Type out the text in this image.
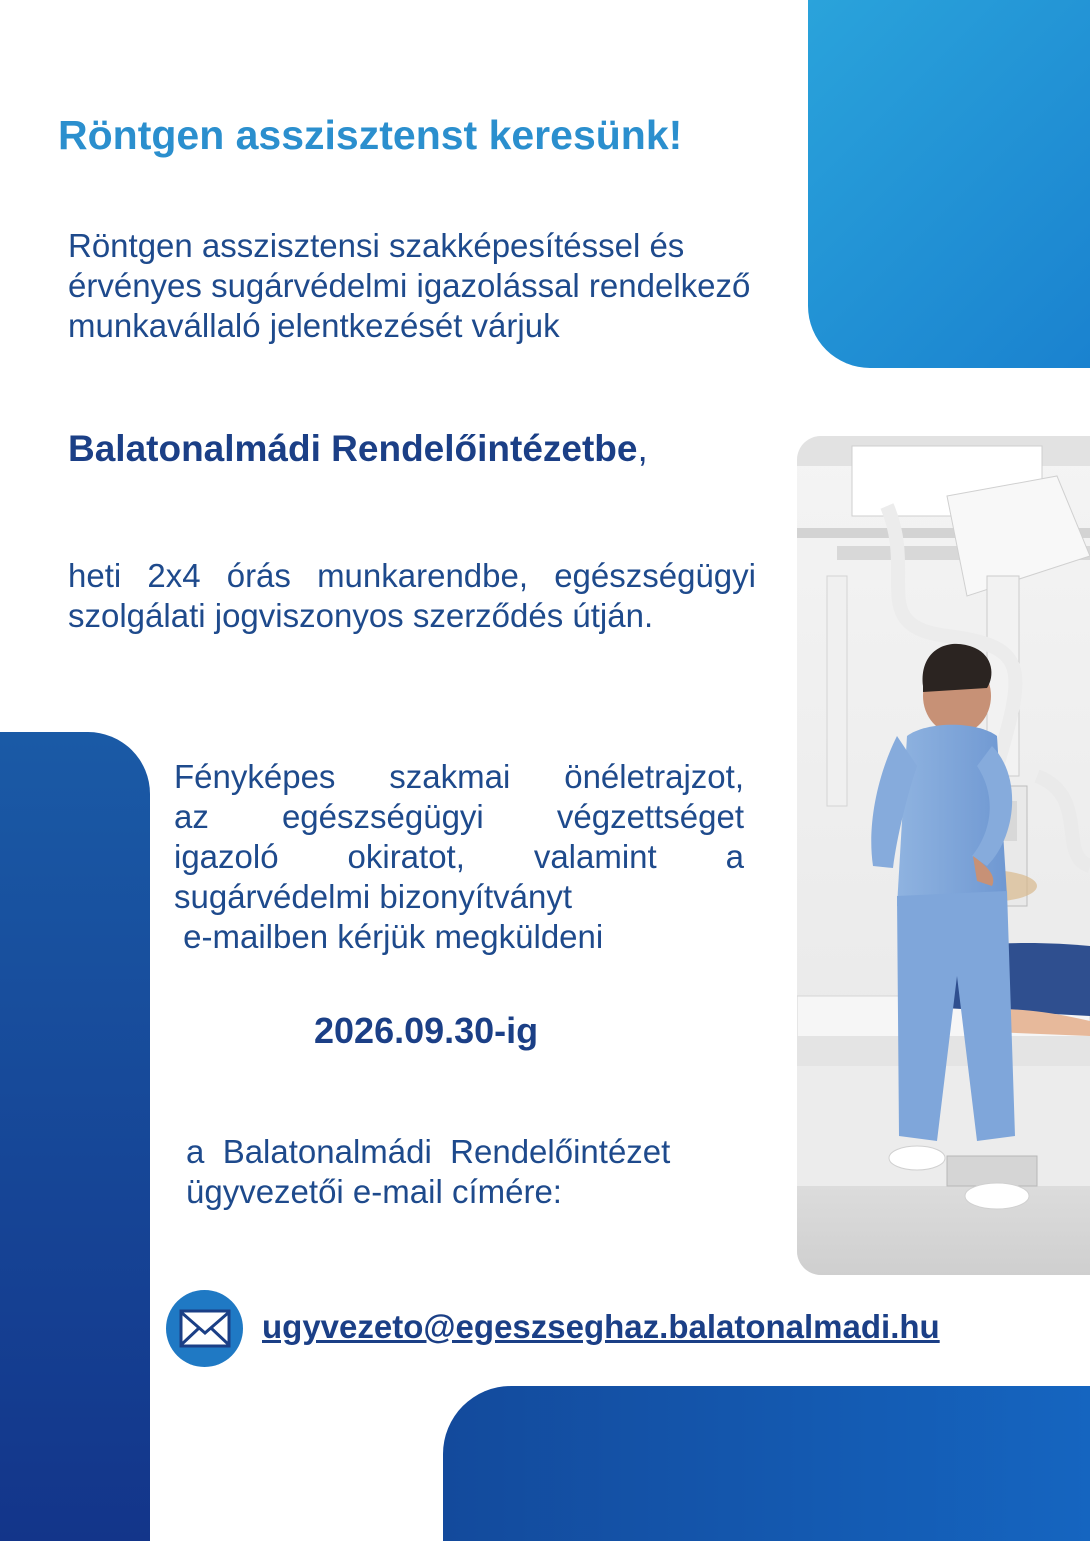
Röntgen asszisztenst keresünk!

Röntgen asszisztensi szakképesítéssel és érvényes sugárvédelmi igazolással rendelkező munkavállaló jelentkezését várjuk

Balatonalmádi Rendelőintézetbe,

heti 2x4 órás munkarendbe, egészségügyi szolgálati jogviszonyos szerződés útján.

Fényképes szakmai önéletrajzot,
az egészségügyi végzettséget
igazoló okiratot, valamint a
sugárvédelmi bizonyítványt
e-mailben kérjük megküldeni

2026.09.30-ig

a  Balatonalmádi  Rendelőintézet ügyvezetői e-mail címére:

ugyvezeto@egeszseghaz.balatonalmadi.hu
